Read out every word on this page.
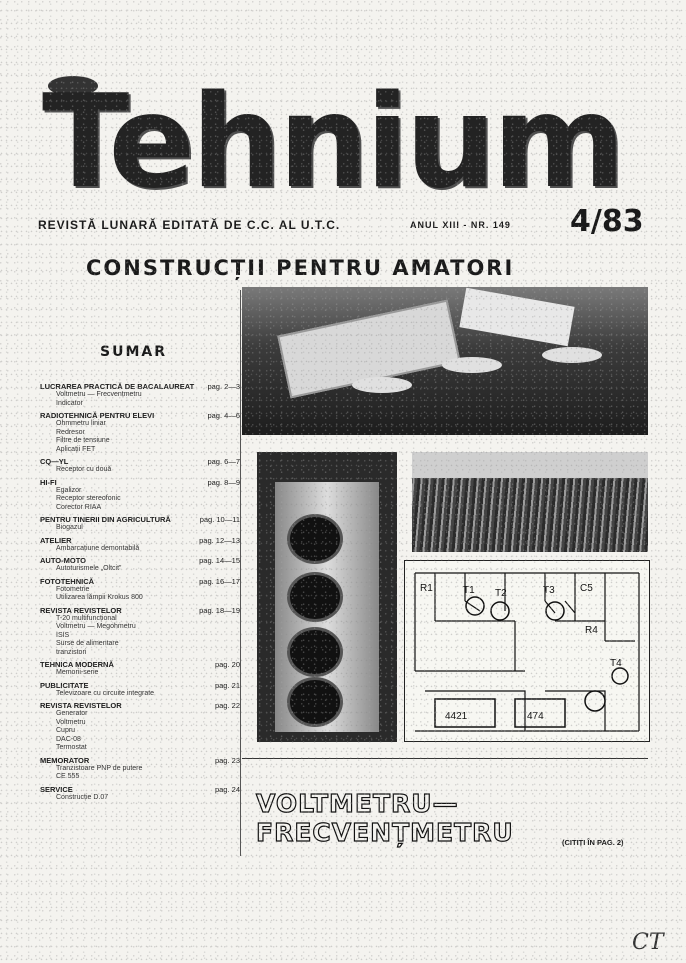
Tehnium
REVISTĂ LUNARĂ EDITATĂ DE C.C. AL U.T.C.	ANUL XIII - NR. 149 4/83
CONSTRUCȚII PENTRU AMATORI
SUMAR
LUCRAREA PRACTICĂ DE BACALAUREAT pag. 2—3
Voltmetru — Frecvențmetru
Indicator
RADIOTEHNICĂ PENTRU ELEVI	pag. 4—6
Ohmmetru liniar
Redresor
Filtre de tensiune
Aplicații FET
CQ—YL	pag. 6—7
Receptor cu două
HI-FI	pag. 8—9
Egalizor
Receptor stereofonic
Corector RIAA
PENTRU TINERII DIN AGRICULTURĂ	pag. 10—11
Biogazul
ATELIER	pag. 12—13
Ambarcațiune demontabilă
AUTO-MOTO	pag. 14—15
Autoturismele „Oltcit”
FOTOTEHNICĂ	pag. 16—17
Fotometrie
Utilizarea lămpii Krokus 800
REVISTA REVISTELOR	pag. 18—19
T-20 multifuncțional
Voltmetru — Megohmetru
ISIS
Surse de alimentare
tranzistori
TEHNICA MODERNĂ	pag. 20
Memorii-serie
PUBLICITATE	pag. 21
Televizoare cu circuite integrate
REVISTA REVISTELOR	pag. 22
Generator
Voltmetru
Cupru
DAC-08
Termostat
MEMORATOR	pag. 23
Tranzistoare PNP de putere
CE 555
SERVICE	pag. 24
Construcție D.07
4421	474
T1 T2	T3
T4
C5
R1
R4
VOLTMETRU—FRECVENȚMETRU	(CITIȚI ÎN PAG. 2)
CT
